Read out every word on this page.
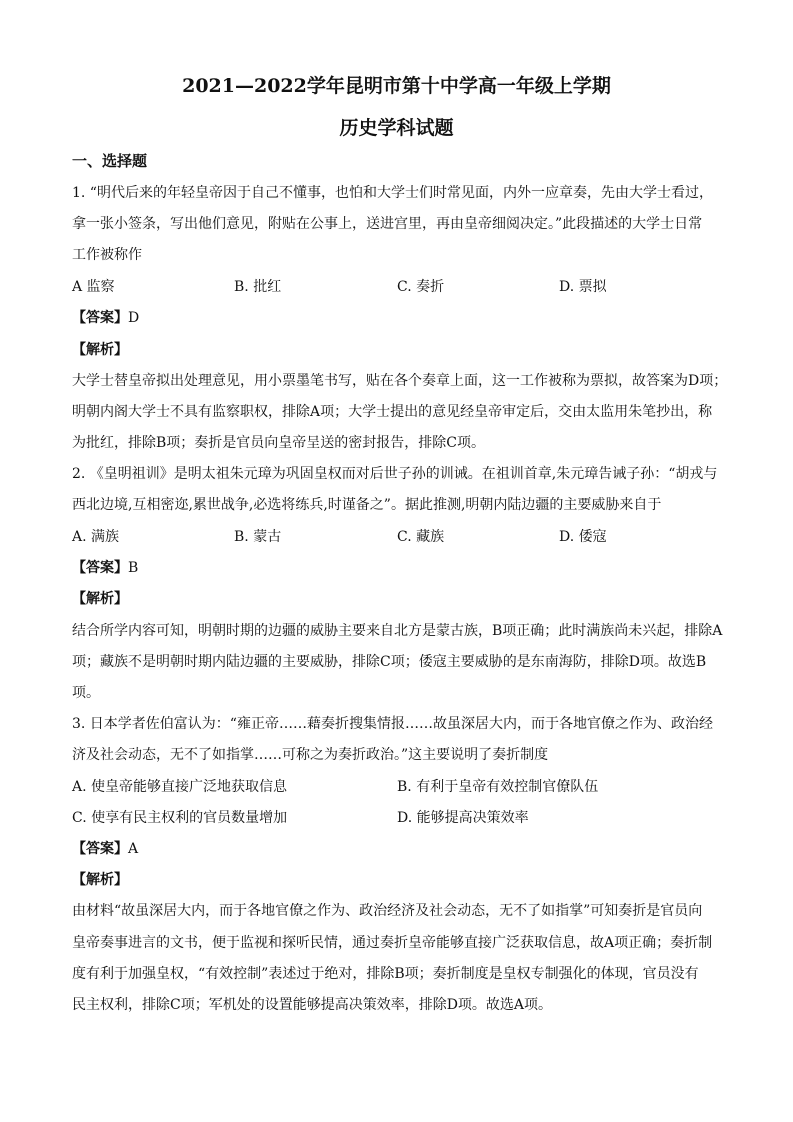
2021—2022学年昆明市第十中学高一年级上学期
历史学科试题
一、选择题
1. “明代后来的年轻皇帝因于自己不懂事，也怕和大学士们时常见面，内外一应章奏，先由大学士看过，
拿一张小签条，写出他们意见，附贴在公事上，送进宫里，再由皇帝细阅决定。”此段描述的大学士日常
工作被称作
A 监察	B. 批红	C. 奏折	D. 票拟
【答案】D
【解析】
大学士替皇帝拟出处理意见，用小票墨笔书写，贴在各个奏章上面，这一工作被称为票拟，故答案为D项；
明朝内阁大学士不具有监察职权，排除A项；大学士提出的意见经皇帝审定后，交由太监用朱笔抄出，称
为批红，排除B项；奏折是官员向皇帝呈送的密封报告，排除C项。
2. 《皇明祖训》是明太祖朱元璋为巩固皇权而对后世子孙的训诫。在祖训首章,朱元璋告诫子孙：“胡戎与
西北边境,互相密迩,累世战争,必选将练兵,时谨备之”。据此推测,明朝内陆边疆的主要威胁来自于
A. 满族	B. 蒙古	C. 藏族	D. 倭寇
【答案】B
【解析】
结合所学内容可知，明朝时期的边疆的威胁主要来自北方是蒙古族，B项正确；此时满族尚未兴起，排除A
项；藏族不是明朝时期内陆边疆的主要威胁，排除C项；倭寇主要威胁的是东南海防，排除D项。故选B
项。
3. 日本学者佐伯富认为：“雍正帝……藉奏折搜集情报……故虽深居大内，而于各地官僚之作为、政治经
济及社会动态，无不了如指掌……可称之为奏折政治。”这主要说明了奏折制度
A. 使皇帝能够直接广泛地获取信息	B. 有利于皇帝有效控制官僚队伍
C. 使享有民主权利的官员数量增加	D. 能够提高决策效率
【答案】A
【解析】
由材料“故虽深居大内，而于各地官僚之作为、政治经济及社会动态，无不了如指掌”可知奏折是官员向
皇帝奏事进言的文书，便于监视和探听民情，通过奏折皇帝能够直接广泛获取信息，故A项正确；奏折制
度有利于加强皇权，“有效控制”表述过于绝对，排除B项；奏折制度是皇权专制强化的体现，官员没有
民主权利，排除C项；军机处的设置能够提高决策效率，排除D项。故选A项。
